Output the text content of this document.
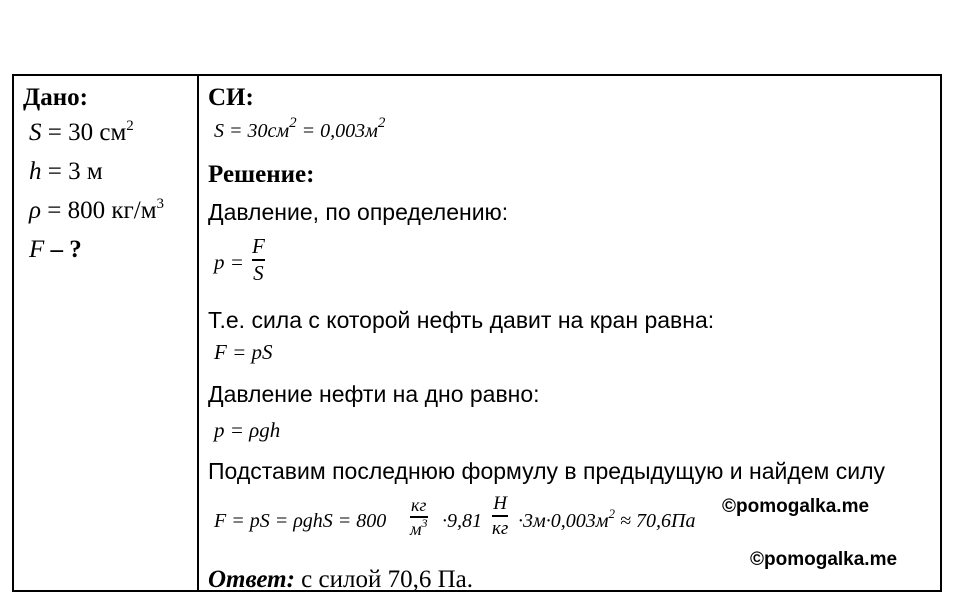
Дано:
S = 30 $см^2$
h = 3 м
ρ = 800 $кг/м^3$
F – ?
СИ:
$S = 30см^2 = 0,003м^2$
Решение:
Давление, по определению:
p =
F
S
Т.е. сила с которой нефть давит на кран равна:
F = pS
Давление нефти на дно равно:
p = ρgh
Подставим последнюю формулу в предыдущую и найдем силу
F = pS = ρghS = 800
кг
$м^3 \cdot 9,81$
Н
кг $\cdot 3м\cdot 0,003м^2 \approx 70,6Па$
Ответ: с силой 70,6 Па.
©pomogalka.me
©pomogalka.me
